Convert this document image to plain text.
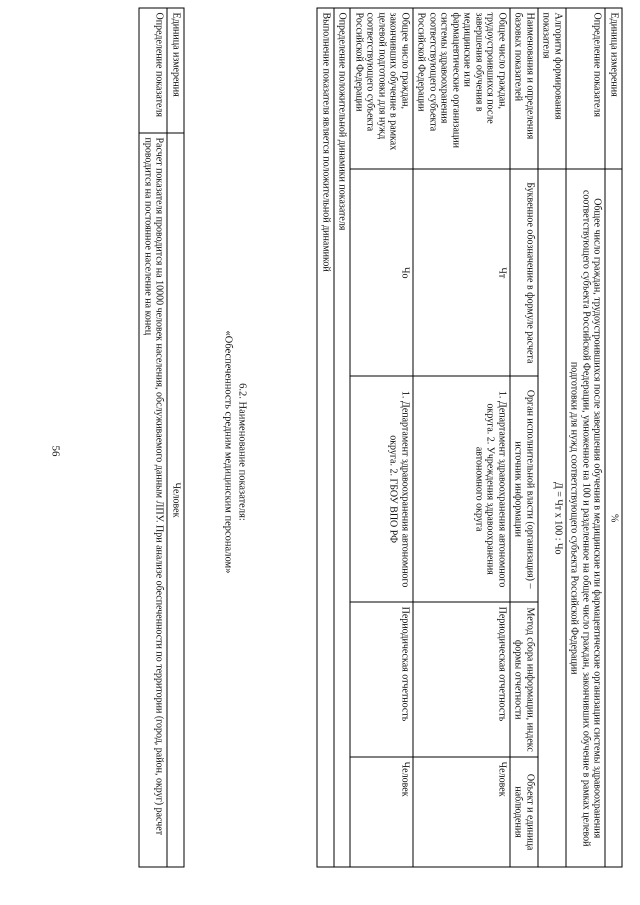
56
Единица измерения	%			
Определение показателя	Общее число граждан, трудоустроившихся после завершения обучения в медицинские или фармацевтические организации системы здравоохранения соответствующего субъекта Российской Федерации, умноженное на 100 и разделенное на общее число граждан, закончивших обучение в рамках целевой подготовки для нужд соответствующего субъекта Российской Федерации			
Алгоритм формирования показателя	Д = Чт х 100 : Чо			
Наименования и определения базовых показателей	Буквенное обозначение в формуле расчета	Орган исполнительной власти (организация) – источник информации	Метод сбора информации, индекс формы отчетности	Объект и единица наблюдения
Общее число граждан, трудоустроившихся после завершения обучения в медицинские или фармацевтические организации системы здравоохранения соответствующего субъекта Российской Федерации	Чт	1. Департамент здравоохранения автономного округа. 2. Учреждения здравоохранения автономного округа	Периодическая отчетность	Человек
Общее число граждан, закончивших обучение в рамках целевой подготовки для нужд соответствующего субъекта Российской Федерации	Чо	1. Департамент здравоохранения автономного округа. 2. ГБОУ ВПО РФ	Периодическая отчетность	Человек
Определение положительной динамики показателя				
Выполнение показателя является положительной динамикой				
6.2. Наименование показателя:
«Обеспеченность средним медицинским персоналом»
Единица измерения	Человек
Определение показателя	Расчет показателя проводится на 10000 человек населения, обслуживаемого данным ЛПУ. При анализе обеспеченности по территории (город, район, округ) расчет проводится на постоянное население на конец
